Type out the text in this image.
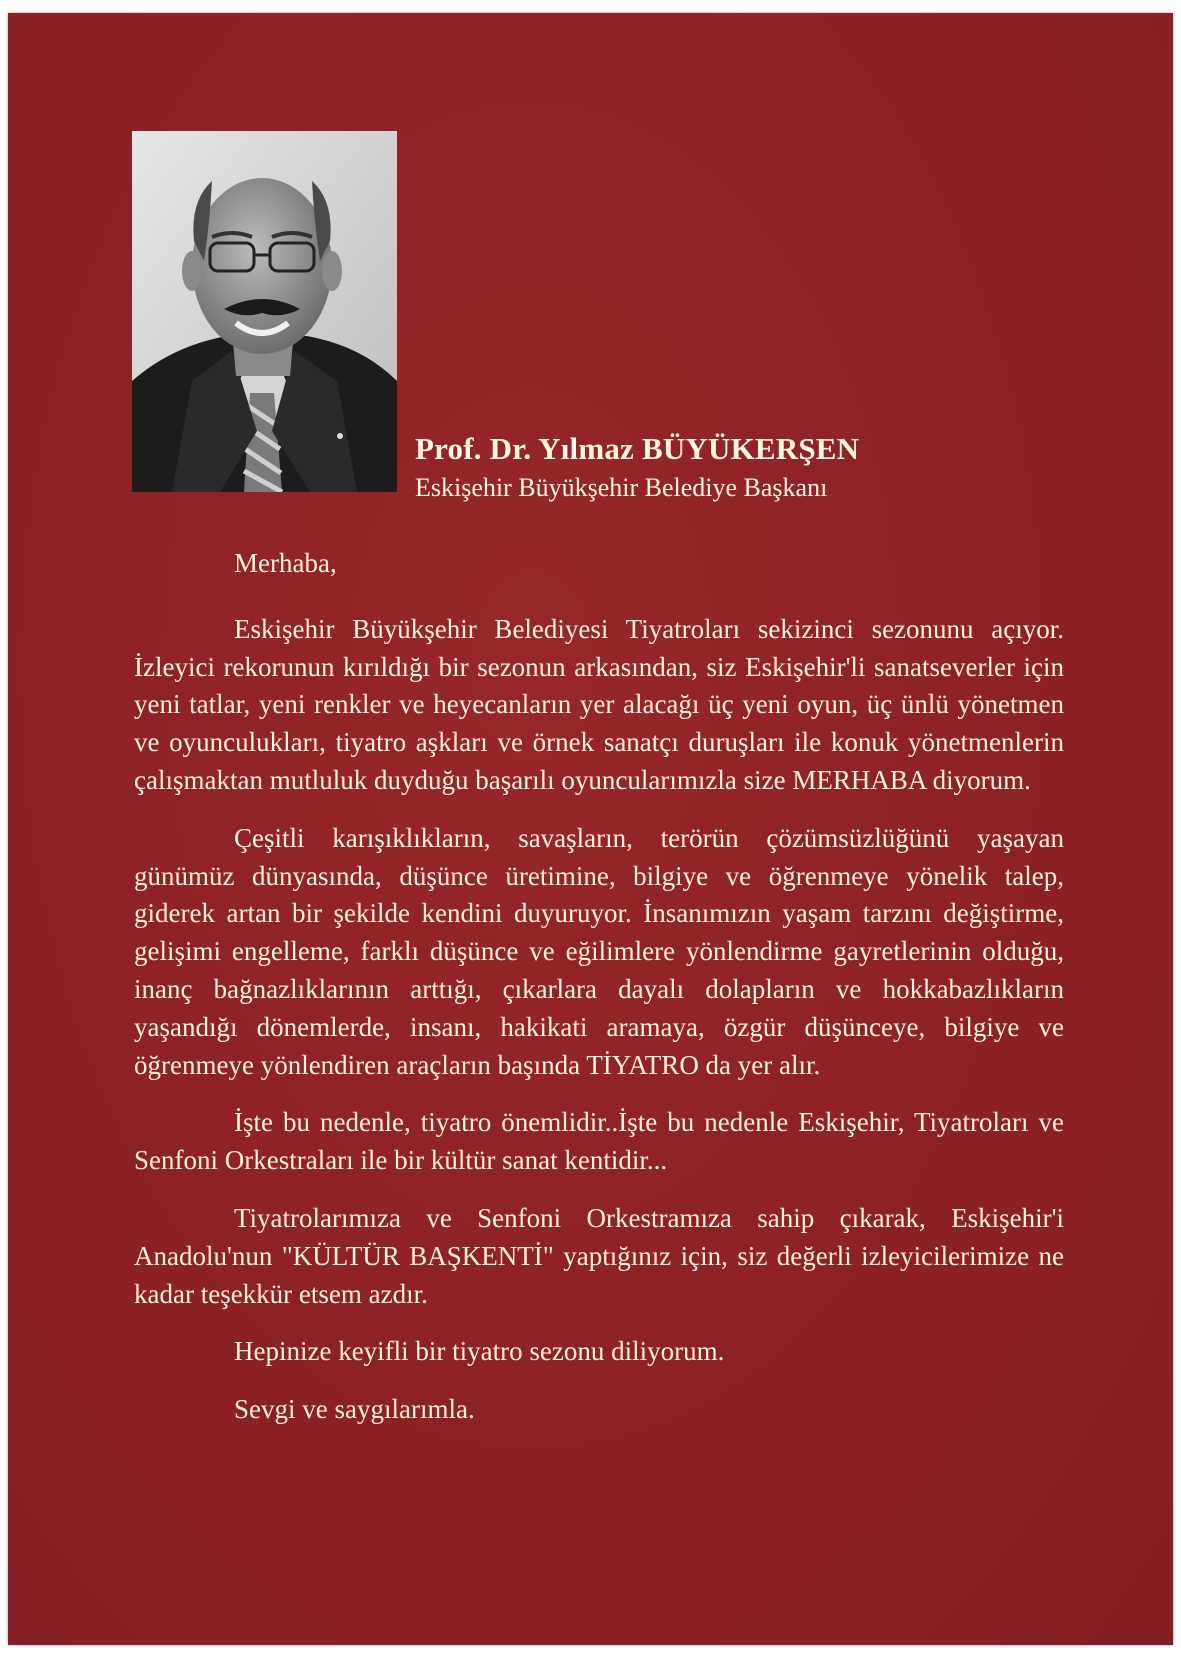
Prof. Dr. Yılmaz BÜYÜKERŞEN
Eskişehir Büyükşehir Belediye Başkanı

Merhaba,

Eskişehir Büyükşehir Belediyesi Tiyatroları sekizinci sezonunu açıyor. İzleyici rekorunun kırıldığı bir sezonun arkasından, siz Eskişehir'li sanatseverler için yeni tatlar, yeni renkler ve heyecanların yer alacağı üç yeni oyun, üç ünlü yönetmen ve oyunculukları, tiyatro aşkları ve örnek sanatçı duruşları ile konuk yönetmenlerin çalışmaktan mutluluk duyduğu başarılı oyuncularımızla size MERHABA diyorum.

Çeşitli karışıklıkların, savaşların, terörün çözümsüzlüğünü yaşayan günümüz dünyasında, düşünce üretimine, bilgiye ve öğrenmeye yönelik talep, giderek artan bir şekilde kendini duyuruyor. İnsanımızın yaşam tarzını değiştirme, gelişimi engelleme, farklı düşünce ve eğilimlere yönlendirme gayretlerinin olduğu, inanç bağnazlıklarının arttığı, çıkarlara dayalı dolapların ve hokkabazlıkların yaşandığı dönemlerde, insanı, hakikati aramaya, özgür düşünceye, bilgiye ve öğrenmeye yönlendiren araçların başında TİYATRO da yer alır.

İşte bu nedenle, tiyatro önemlidir..İşte bu nedenle Eskişehir, Tiyatroları ve Senfoni Orkestraları ile bir kültür sanat kentidir...

Tiyatrolarımıza ve Senfoni Orkestramıza sahip çıkarak, Eskişehir'i Anadolu'nun "KÜLTÜR BAŞKENTİ" yaptığınız için, siz değerli izleyicilerimize ne kadar teşekkür etsem azdır.

Hepinize keyifli bir tiyatro sezonu diliyorum.

Sevgi ve saygılarımla.
